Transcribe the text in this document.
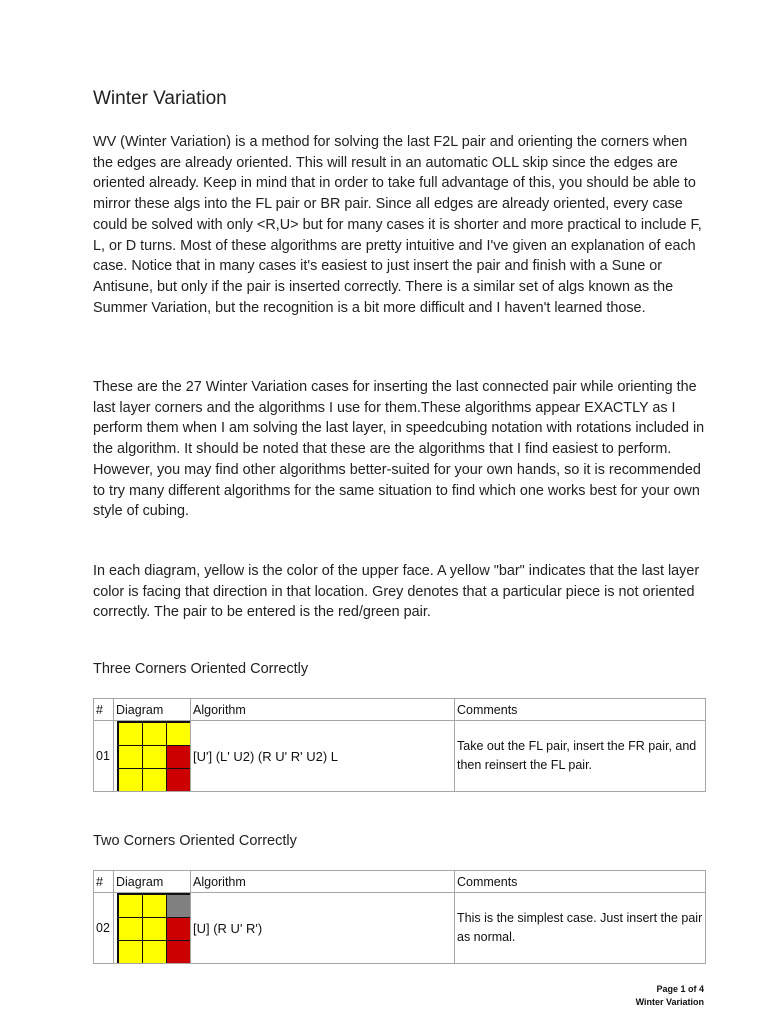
Winter Variation

WV (Winter Variation) is a method for solving the last F2L pair and orienting the corners when the edges are already oriented. This will result in an automatic OLL skip since the edges are oriented already. Keep in mind that in order to take full advantage of this, you should be able to mirror these algs into the FL pair or BR pair. Since all edges are already oriented, every case could be solved with only <R,U> but for many cases it is shorter and more practical to include F, L, or D turns. Most of these algorithms are pretty intuitive and I've given an explanation of each case. Notice that in many cases it's easiest to just insert the pair and finish with a Sune or Antisune, but only if the pair is inserted correctly. There is a similar set of algs known as the Summer Variation, but the recognition is a bit more difficult and I haven't learned those.

These are the 27 Winter Variation cases for inserting the last connected pair while orienting the last layer corners and the algorithms I use for them.These algorithms appear EXACTLY as I perform them when I am solving the last layer, in speedcubing notation with rotations included in the algorithm. It should be noted that these are the algorithms that I find easiest to perform. However, you may find other algorithms better-suited for your own hands, so it is recommended to try many different algorithms for the same situation to find which one works best for your own style of cubing.

In each diagram, yellow is the color of the upper face. A yellow "bar" indicates that the last layer color is facing that direction in that location. Grey denotes that a particular piece is not oriented correctly. The pair to be entered is the red/green pair.

Three Corners Oriented Correctly
#	Diagram	Algorithm	Comments
01		[U'] (L' U2) (R U' R' U2) L	Take out the FL pair, insert the FR pair, and then reinsert the FL pair.
Two Corners Oriented Correctly
#	Diagram	Algorithm	Comments
02		[U] (R U' R')	This is the simplest case. Just insert the pair as normal.
Page 1 of 4
Winter Variation
